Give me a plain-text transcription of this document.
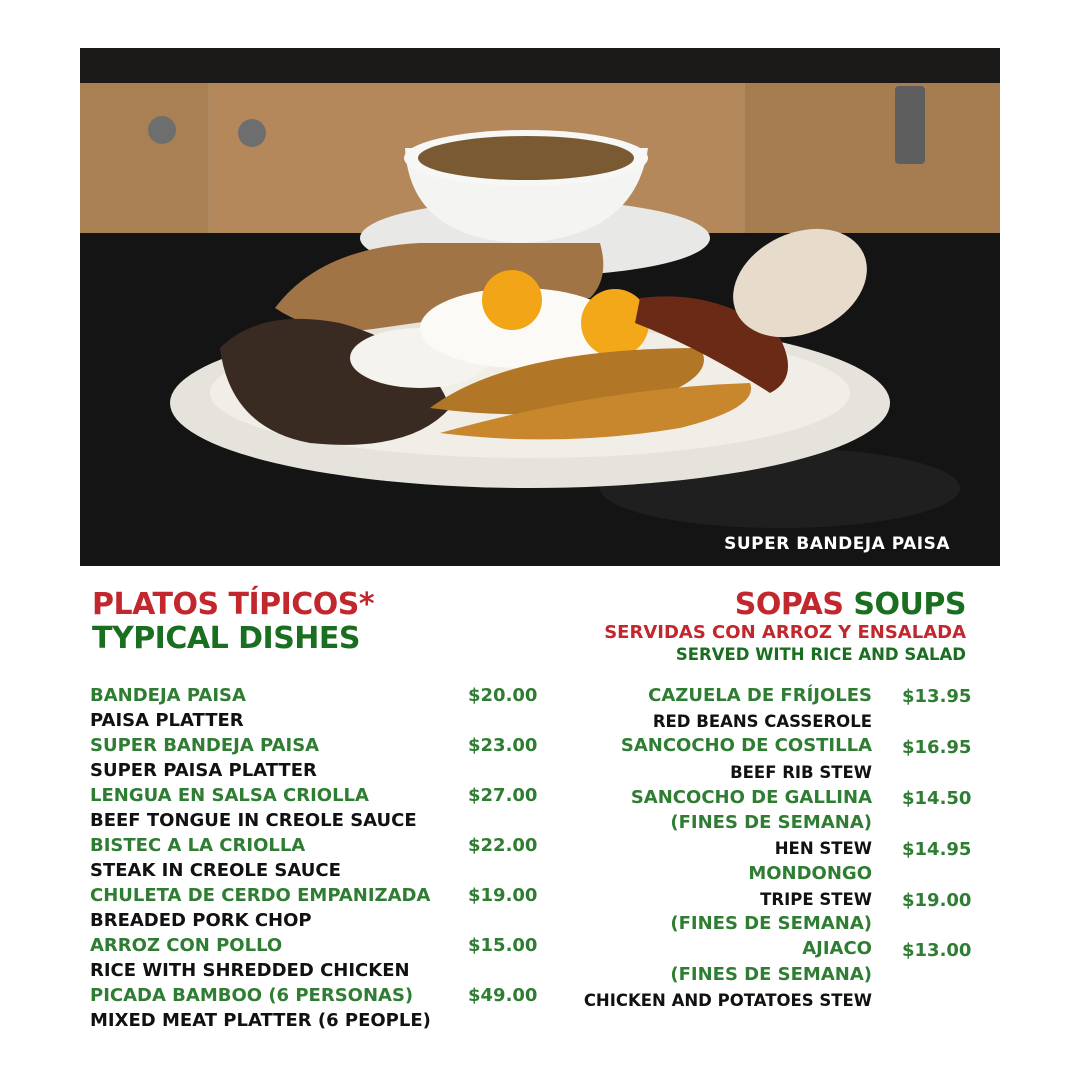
SUPER BANDEJA PAISA
PLATOS TÍPICOS*
TYPICAL DISHES
BANDEJA PAISA
PAISA PLATTER
$20.00
SUPER BANDEJA PAISA
SUPER PAISA PLATTER
$23.00
LENGUA EN SALSA CRIOLLA
BEEF TONGUE IN CREOLE SAUCE
$27.00
BISTEC A LA CRIOLLA
STEAK IN CREOLE SAUCE
$22.00
CHULETA DE CERDO EMPANIZADA
BREADED PORK CHOP
$19.00
ARROZ CON POLLO
RICE WITH SHREDDED CHICKEN
$15.00
PICADA BAMBOO (6 PERSONAS)
MIXED MEAT PLATTER (6 PEOPLE)
$49.00
SOPAS SOUPS
SERVIDAS CON ARROZ Y ENSALADA
SERVED WITH RICE AND SALAD
CAZUELA DE FRÍJOLES
RED BEANS CASSEROLE
SANCOCHO DE COSTILLA
BEEF RIB STEW
SANCOCHO DE GALLINA
(FINES DE SEMANA)
HEN STEW
MONDONGO
TRIPE STEW
(FINES DE SEMANA)
AJIACO
(FINES DE SEMANA)
CHICKEN AND POTATOES STEW
$13.95
$16.95
$14.50
$14.95
$19.00
$13.00
